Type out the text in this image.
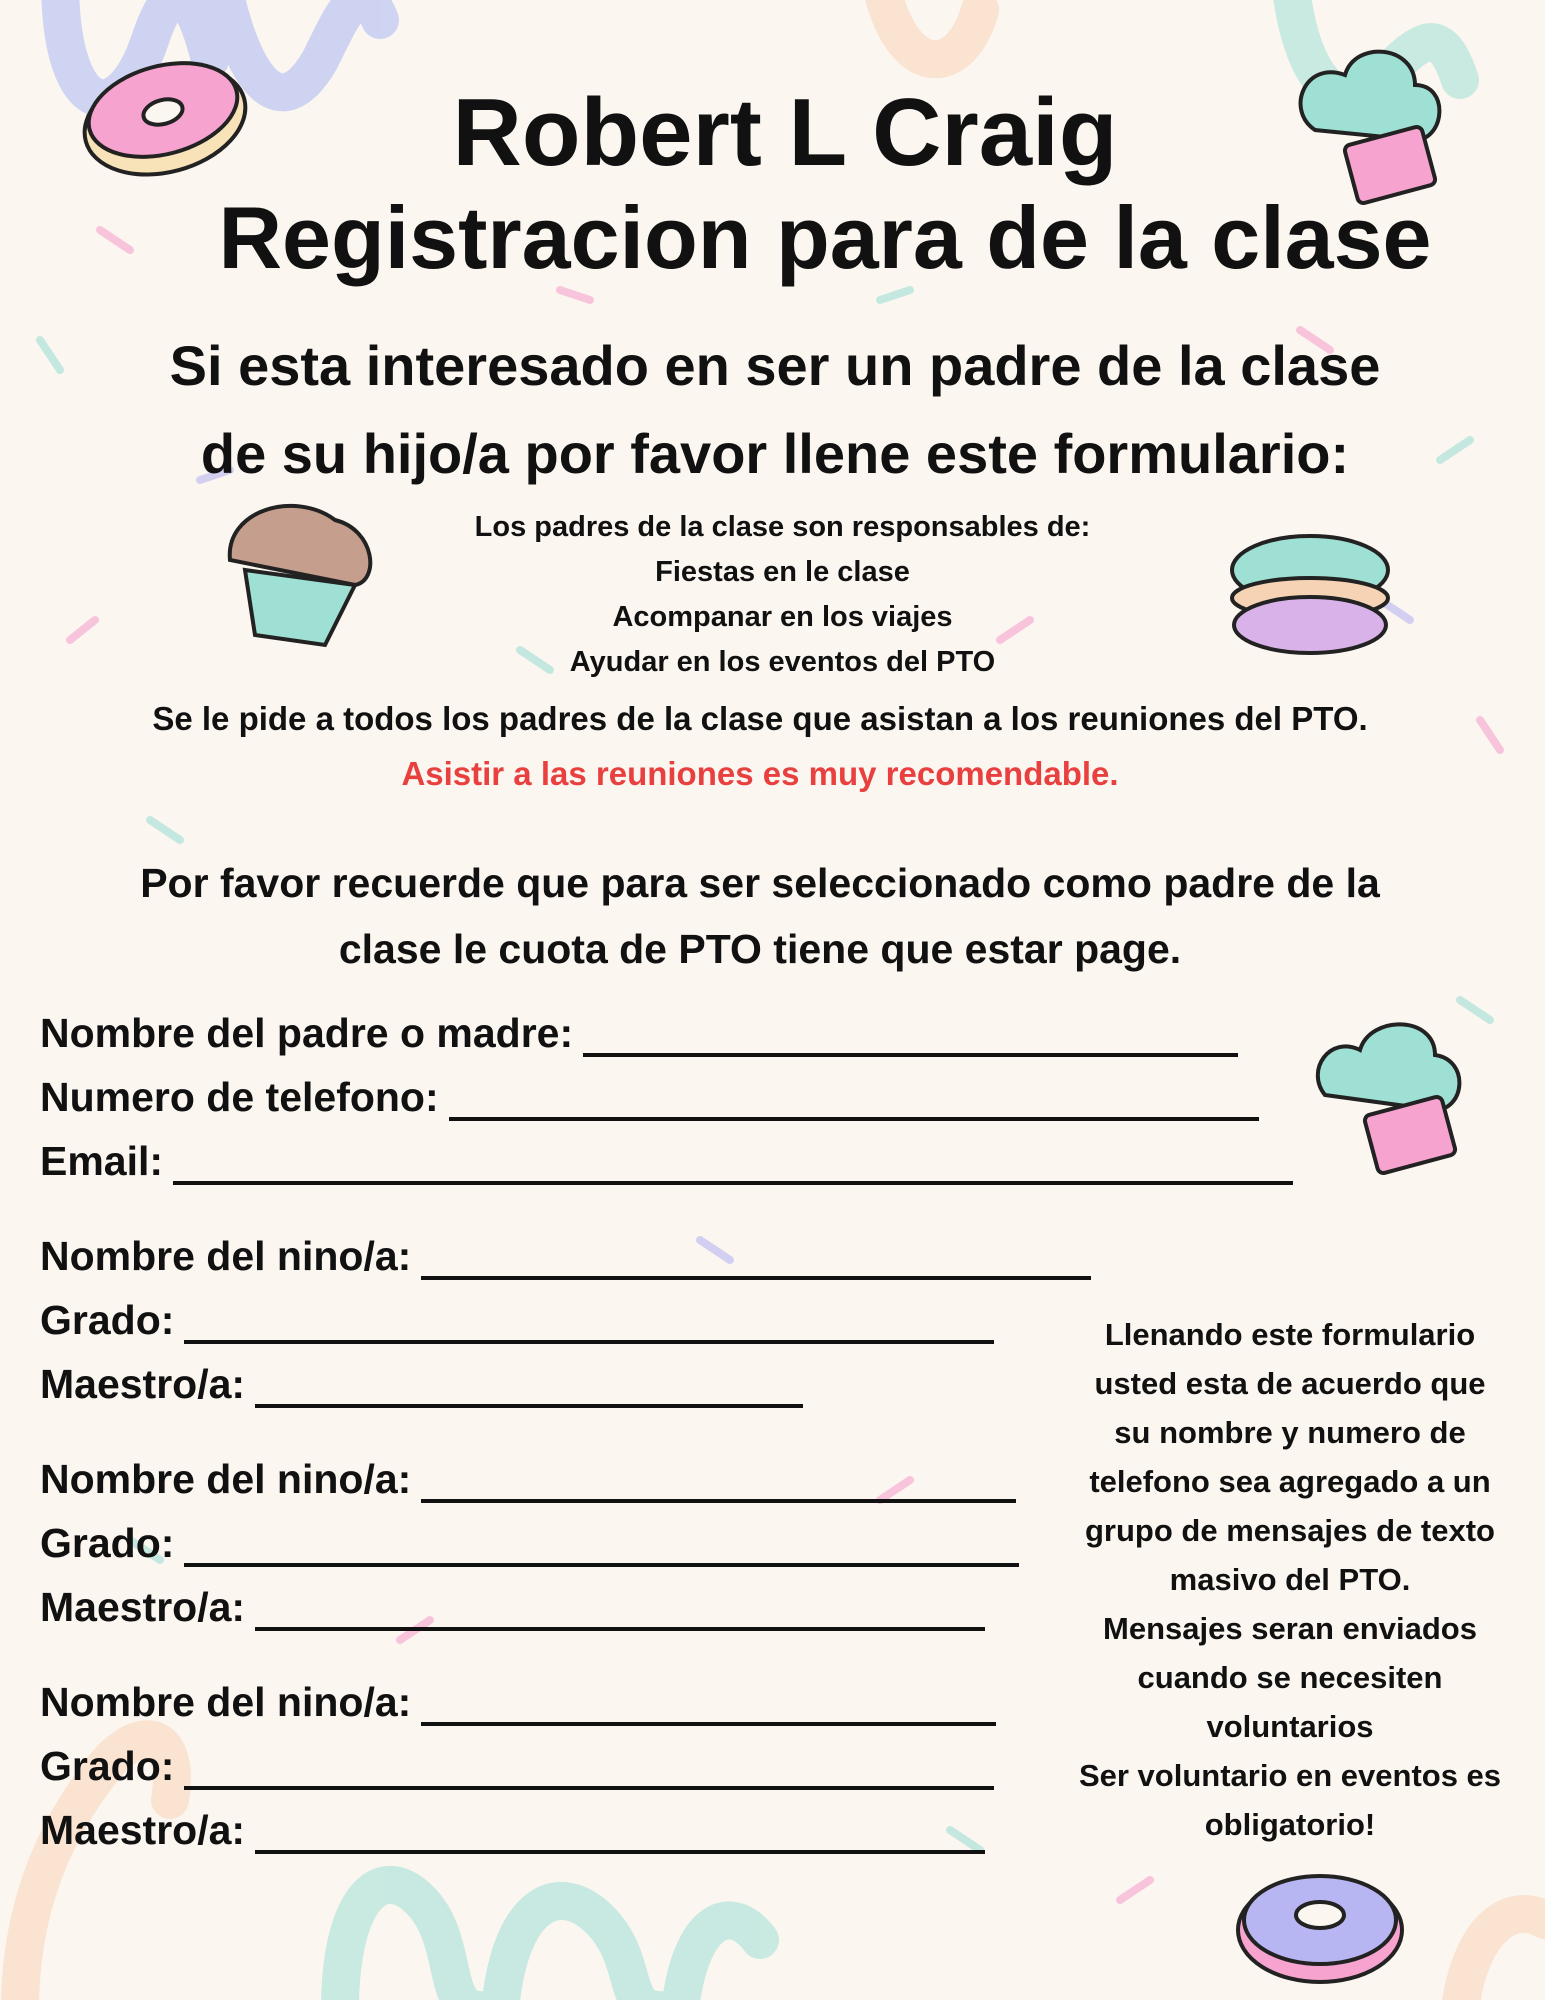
Robert L Craig
Registracion para de la clase
Si esta interesado en ser un padre de la clase
de su hijo/a por favor llene este formulario:
Los padres de la clase son responsables de:
Fiestas en le clase
Acompanar en los viajes
Ayudar en los eventos del PTO
Se le pide a todos los padres de la clase que asistan a los reuniones del PTO.
Asistir a las reuniones es muy recomendable.
Por favor recuerde que para ser seleccionado como padre de la
clase le cuota de PTO tiene que estar page.
Nombre del padre o madre:
Numero de telefono:
Email:
Nombre del nino/a:
Grado:
Maestro/a:
Nombre del nino/a:
Grado:
Maestro/a:
Nombre del nino/a:
Grado:
Maestro/a:
Llenando este formulario
usted esta de acuerdo que
su nombre y numero de
telefono sea agregado a un
grupo de mensajes de texto
masivo del PTO.
Mensajes seran enviados
cuando se necesiten
voluntarios
Ser voluntario en eventos es
obligatorio!
